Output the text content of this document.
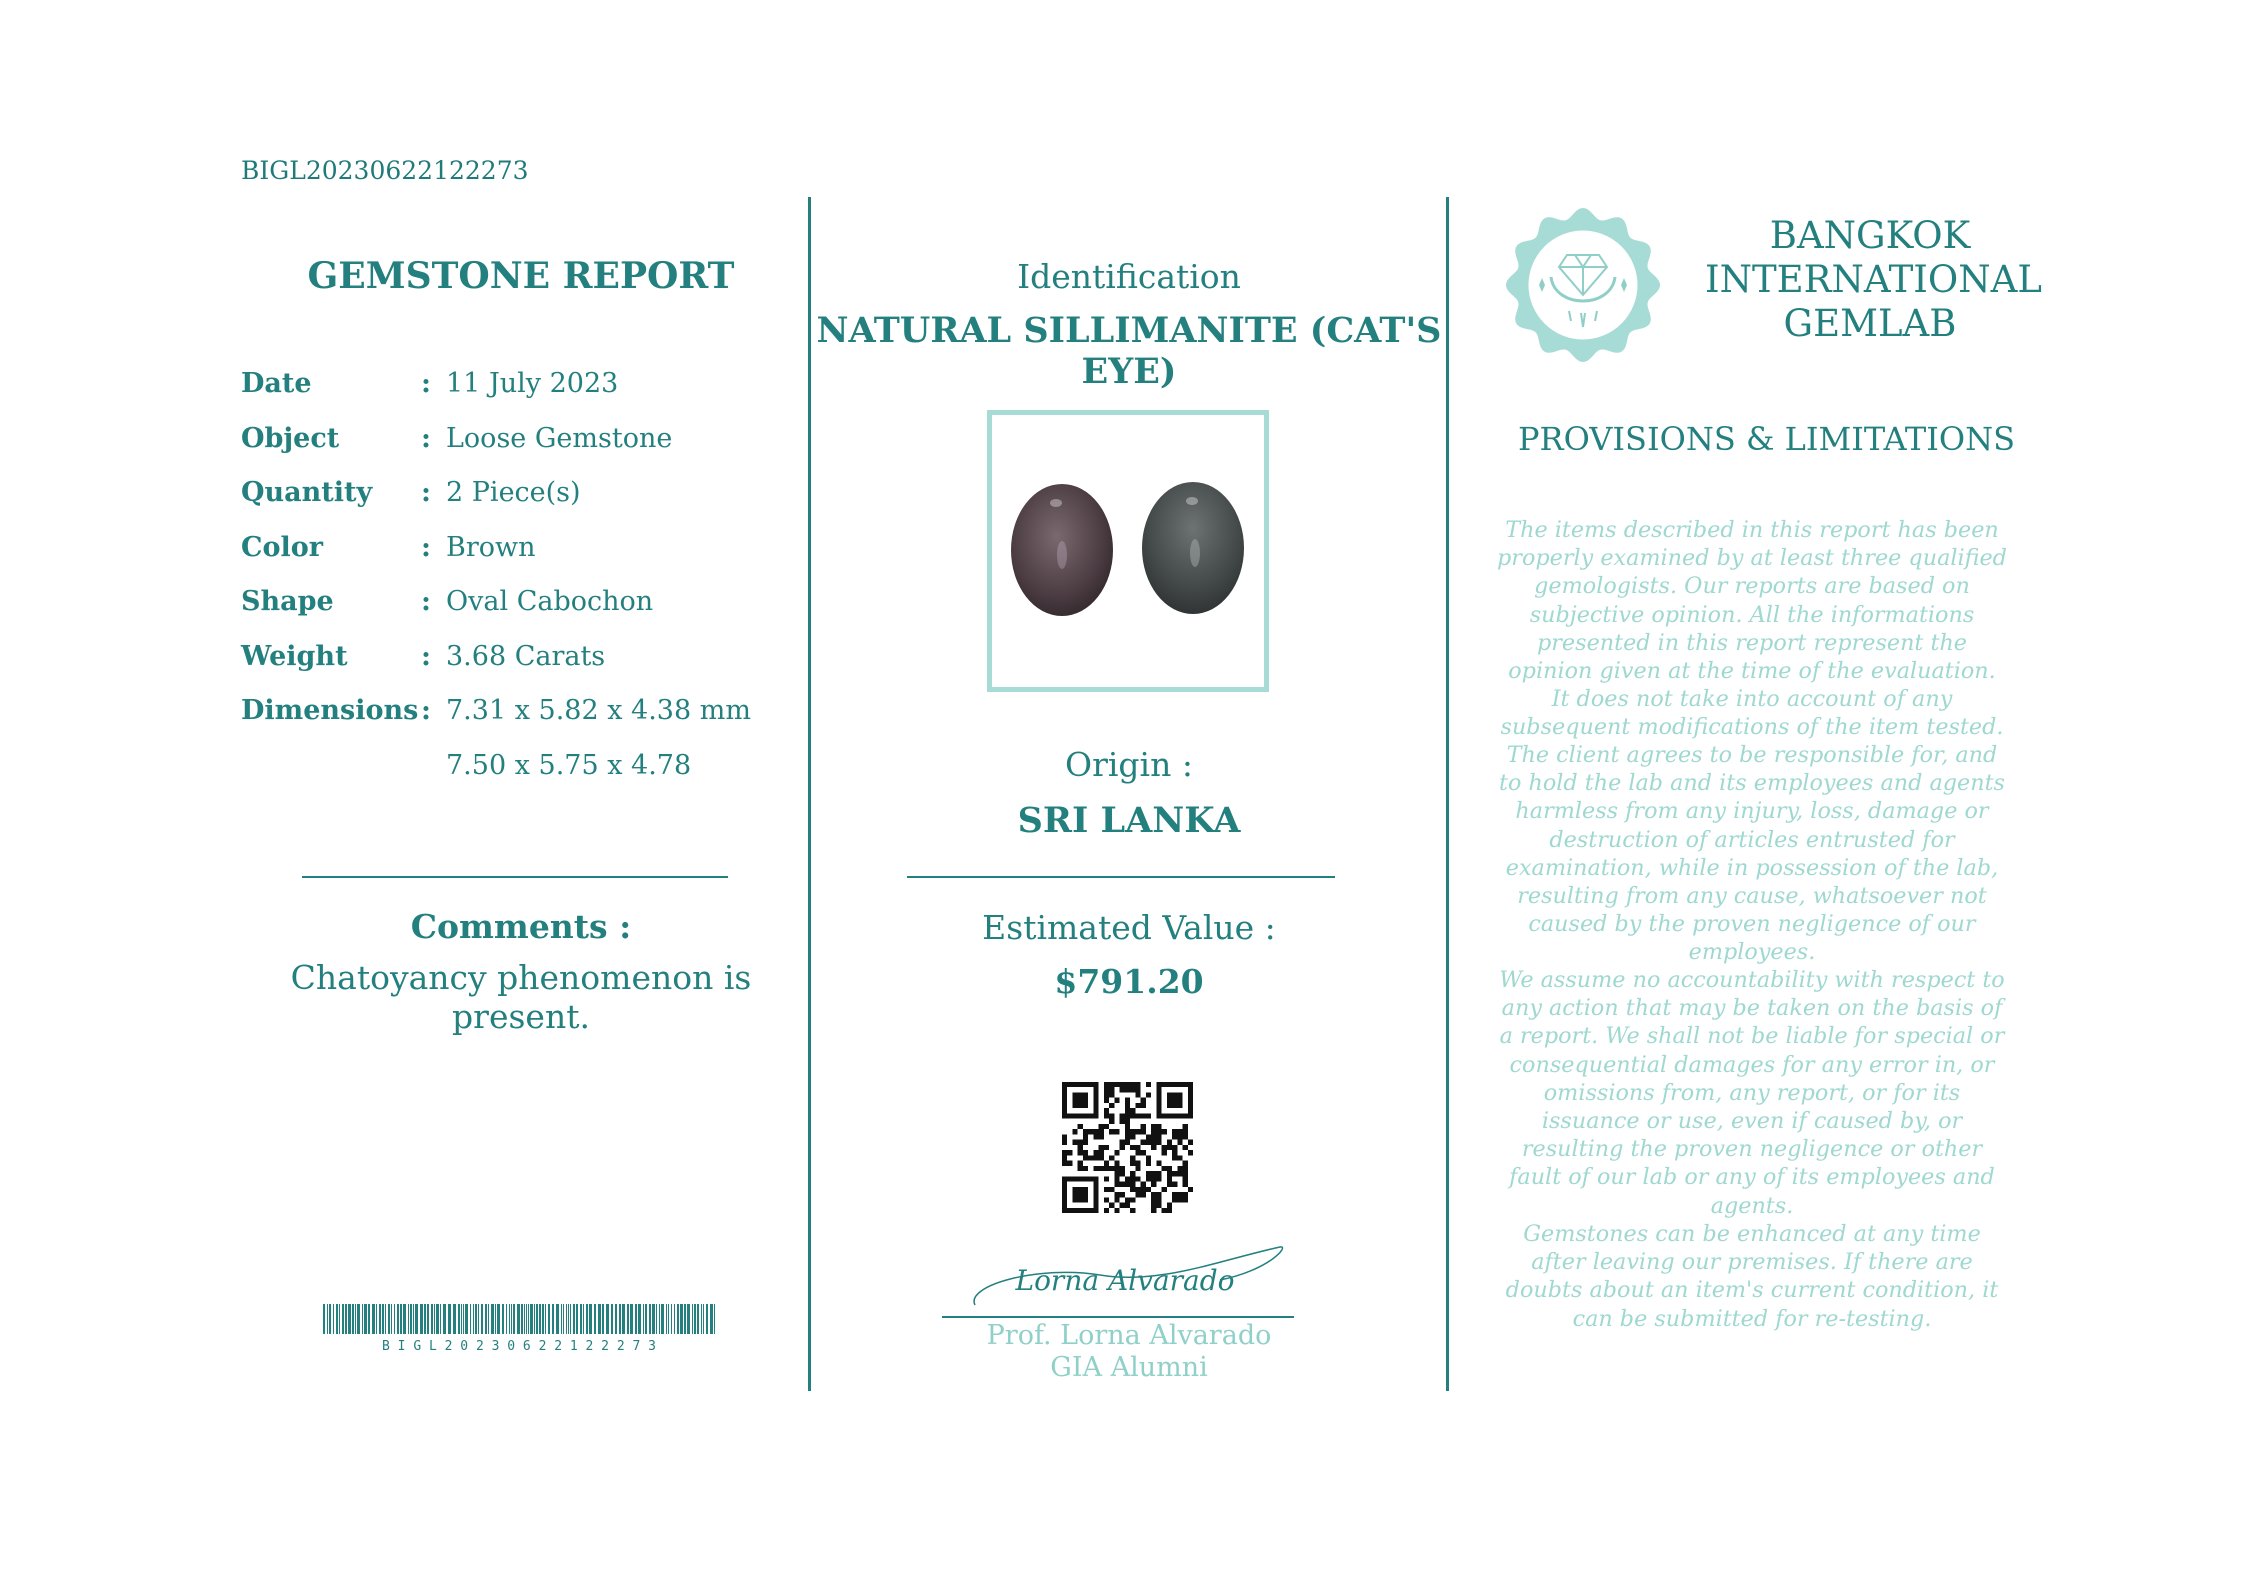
BIGL20230622122273
GEMSTONE REPORT
Date	: 11 July 2023
Object	: Loose Gemstone
Quantity	: 2 Piece(s)
Color	: Brown
Shape	: Oval Cabochon
Weight	: 3.68 Carats
Dimensions : 7.31 x 5.82 x 4.38 mm
7.50 x 5.75 x 4.78
Comments :
Chatoyancy phenomenon is present.
B I G L 2 0 2 3 0 6 2 2 1 2 2 2 7 3
Identification
NATURAL SILLIMANITE (CAT'S EYE)
Origin :
SRI LANKA
Estimated Value :
$791.20
Lorna Alvarado
Prof. Lorna Alvarado
GIA Alumni
BANGKOK
INTERNATIONAL
GEMLAB
PROVISIONS & LIMITATIONS
The items described in this report has been properly examined by at least three qualified gemologists. Our reports are based on subjective opinion. All the informations presented in this report represent the opinion given at the time of the evaluation. It does not take into account of any subsequent modifications of the item tested.
The client agrees to be responsible for, and to hold the lab and its employees and agents harmless from any injury, loss, damage or destruction of articles entrusted for examination, while in possession of the lab, resulting from any cause, whatsoever not caused by the proven negligence of our employees.
We assume no accountability with respect to any action that may be taken on the basis of a report. We shall not be liable for special or consequential damages for any error in, or omissions from, any report, or for its issuance or use, even if caused by, or resulting the proven negligence or other fault of our lab or any of its employees and agents.
Gemstones can be enhanced at any time after leaving our premises. If there are doubts about an item's current condition, it can be submitted for re-testing.
